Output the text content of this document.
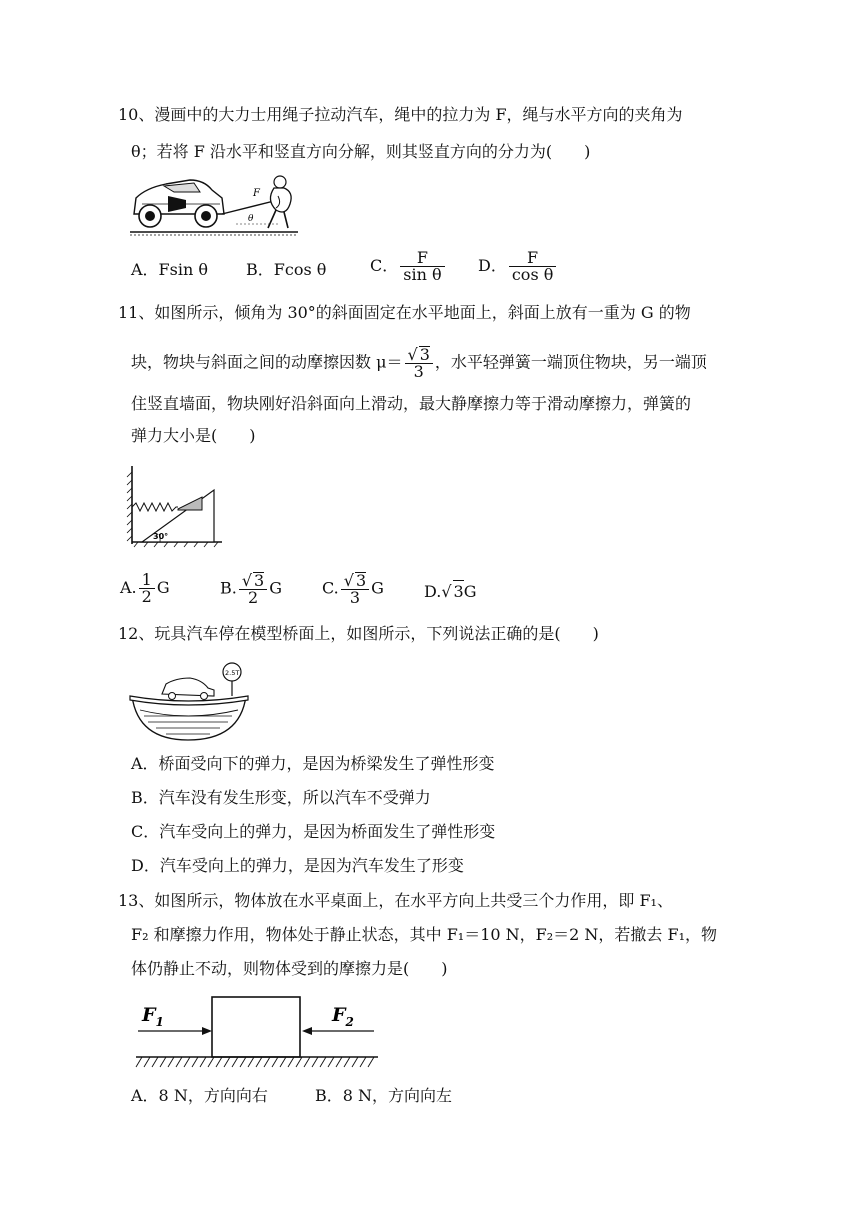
10、漫画中的大力士用绳子拉动汽车，绳中的拉力为 F，绳与水平方向的夹角为
θ；若将 F 沿水平和竖直方向分解，则其竖直方向的分力为(　　)
F
θ
A．Fsin θ B．Fcos θ	C． $\frac{F}{\text{sin θ}}$ D． $\frac{F}{\text{cos θ}}$
11、如图所示，倾角为 30°的斜面固定在水平地面上，斜面上放有一重为 G 的物
块，物块与斜面之间的动摩擦因数 $\mu= \frac{√ 3}{3}$ ，水平轻弹簧一端顶住物块，另一端顶
住竖直墙面，物块刚好沿斜面向上滑动，最大静摩擦力等于滑动摩擦力，弹簧的
弹力大小是(　　)
30°
A. $\frac{1}{2}$ G	B. $\frac{√ 3}{2}$ G C. $\frac{√ 3}{3}$ G	D.√ 3G
12、玩具汽车停在模型桥面上，如图所示，下列说法正确的是(　　)
2.5T
A．桥面受向下的弹力，是因为桥梁发生了弹性形变
B．汽车没有发生形变，所以汽车不受弹力
C．汽车受向上的弹力，是因为桥面发生了弹性形变
D．汽车受向上的弹力，是因为汽车发生了形变
13、如图所示，物体放在水平桌面上，在水平方向上共受三个力作用，即 F₁、
F₂ 和摩擦力作用，物体处于静止状态，其中 F₁＝10 N，F₂＝2 N，若撤去 F₁，物
体仍静止不动，则物体受到的摩擦力是(　　)
$F_1$	$F_2$
A．8 N，方向向右	B．8 N，方向向左
